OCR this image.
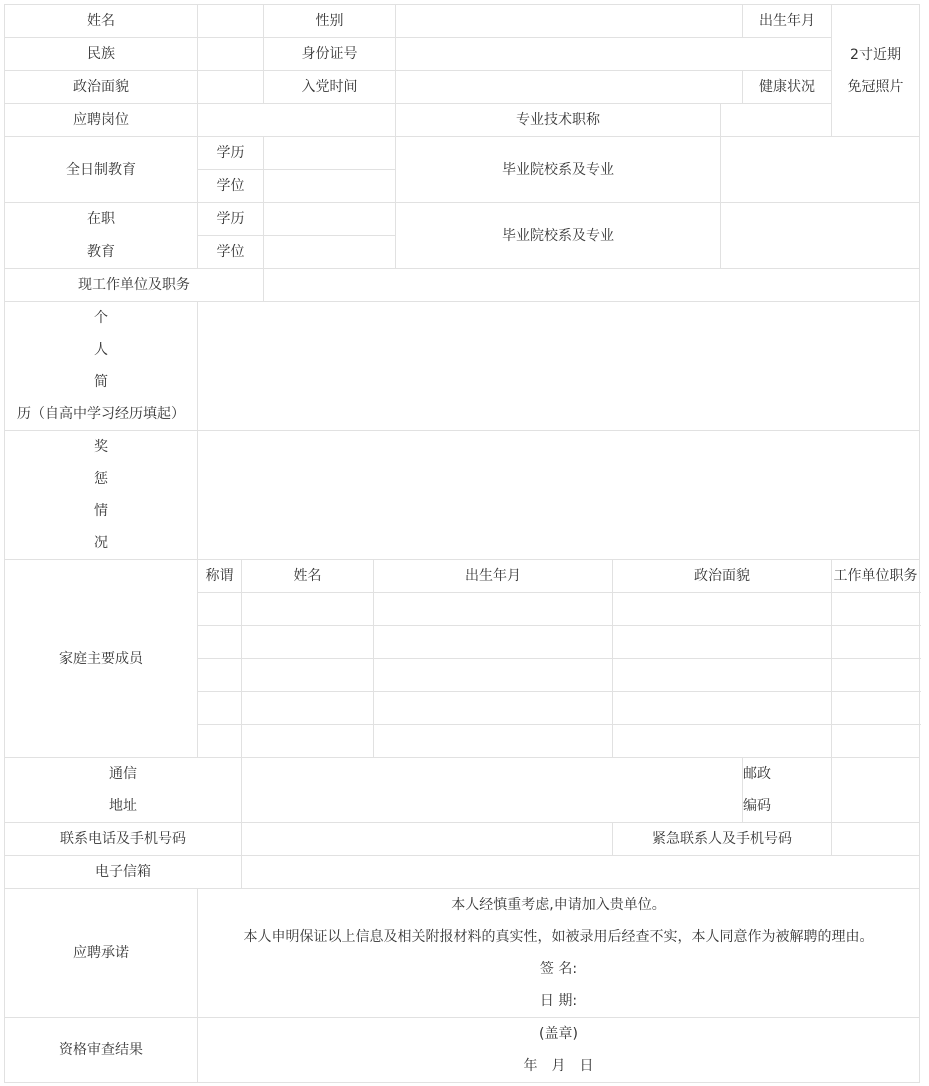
姓名			性别					出生年月	2寸近期
免冠照片

民族			身份证号						
政治面貌			入党时间					健康状况	
应聘岗位					专业技术职称				
全日制教育	学历				毕业院校系及专业				
	学位								
在职	学历				毕业院校系及专业				
教育	学位								
现工作单位及职务									

个
人
简
历（自高中学习经历填起）									

奖
惩
情
况									

家庭主要成员	称谓	姓名		出生年月		政治面貌			工作单位职务

通信
地址								邮政
编码	

联系电话及手机号码						紧急联系人及手机号码			
电子信箱									
应聘承诺	本人经慎重考虑,申请加入贵单位。
本人申明保证以上信息及相关附报材料的真实性，如被录用后经查不实，本人同意作为被解聘的理由。
签 名:
日 期:								

资格审查结果	(盖章)
年　月　日								
